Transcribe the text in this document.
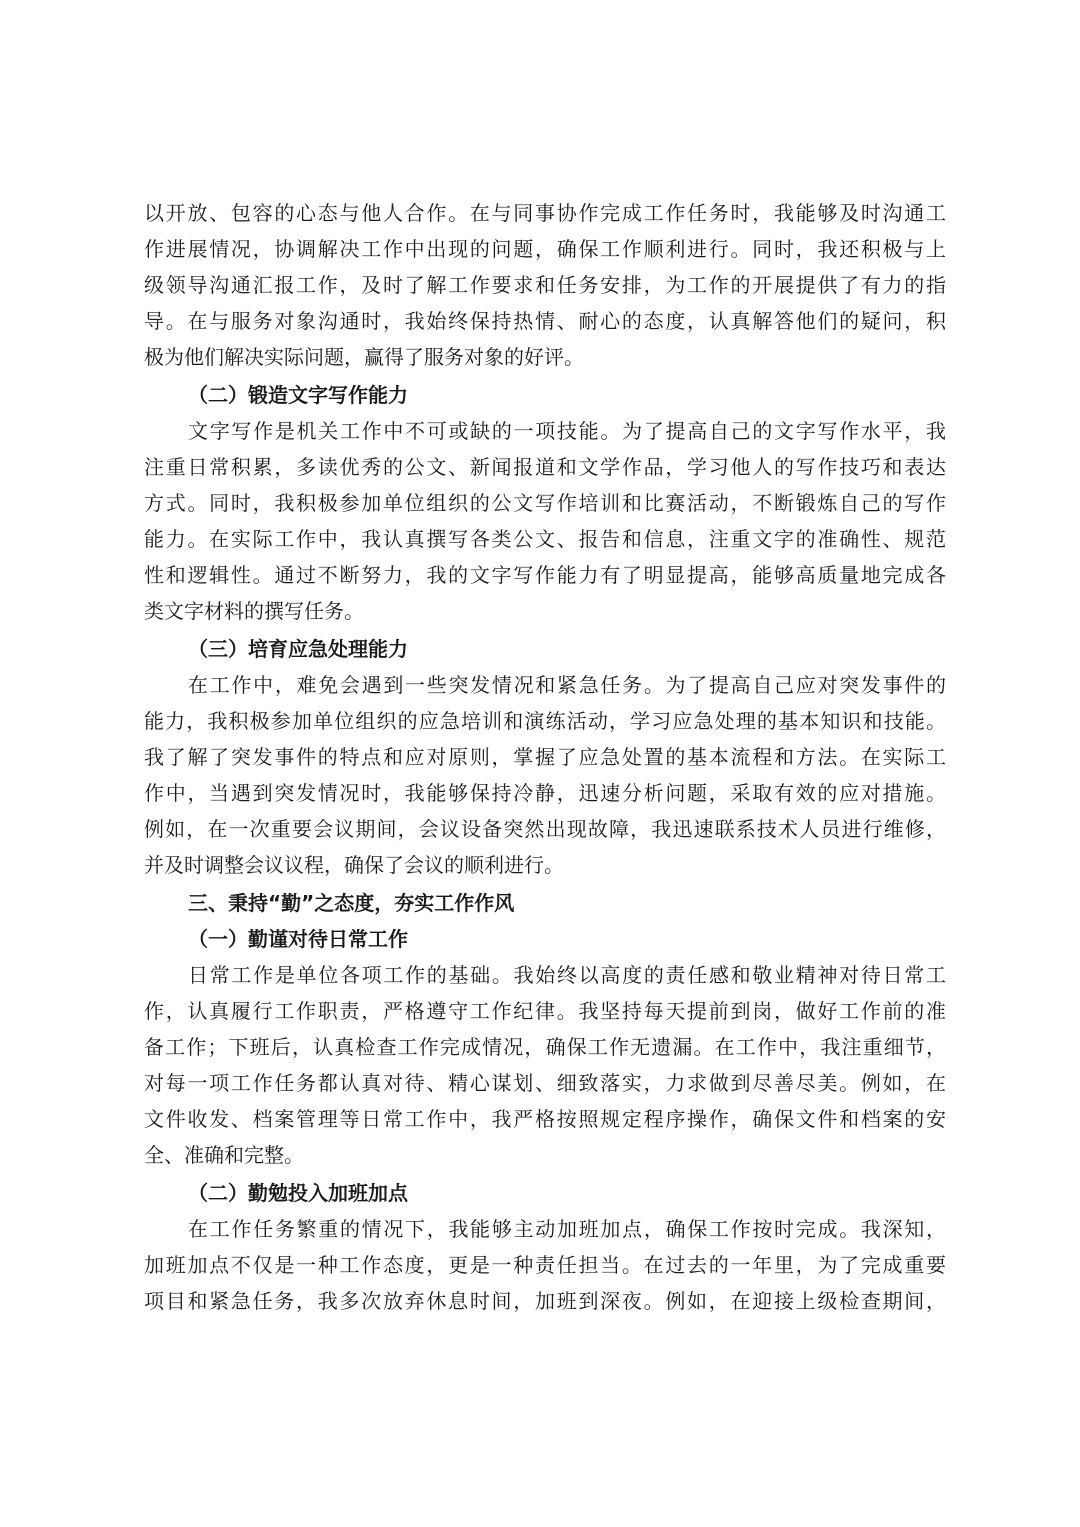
以开放、包容的心态与他人合作。在与同事协作完成工作任务时，我能够及时沟通工
作进展情况，协调解决工作中出现的问题，确保工作顺利进行。同时，我还积极与上
级领导沟通汇报工作，及时了解工作要求和任务安排，为工作的开展提供了有力的指
导。在与服务对象沟通时，我始终保持热情、耐心的态度，认真解答他们的疑问，积
极为他们解决实际问题，赢得了服务对象的好评。
（二）锻造文字写作能力
文字写作是机关工作中不可或缺的一项技能。为了提高自己的文字写作水平，我
注重日常积累，多读优秀的公文、新闻报道和文学作品，学习他人的写作技巧和表达
方式。同时，我积极参加单位组织的公文写作培训和比赛活动，不断锻炼自己的写作
能力。在实际工作中，我认真撰写各类公文、报告和信息，注重文字的准确性、规范
性和逻辑性。通过不断努力，我的文字写作能力有了明显提高，能够高质量地完成各
类文字材料的撰写任务。
（三）培育应急处理能力
在工作中，难免会遇到一些突发情况和紧急任务。为了提高自己应对突发事件的
能力，我积极参加单位组织的应急培训和演练活动，学习应急处理的基本知识和技能。
我了解了突发事件的特点和应对原则，掌握了应急处置的基本流程和方法。在实际工
作中，当遇到突发情况时，我能够保持冷静，迅速分析问题，采取有效的应对措施。
例如，在一次重要会议期间，会议设备突然出现故障，我迅速联系技术人员进行维修，
并及时调整会议议程，确保了会议的顺利进行。
三、秉持“勤”之态度，夯实工作作风
（一）勤谨对待日常工作
日常工作是单位各项工作的基础。我始终以高度的责任感和敬业精神对待日常工
作，认真履行工作职责，严格遵守工作纪律。我坚持每天提前到岗，做好工作前的准
备工作；下班后，认真检查工作完成情况，确保工作无遗漏。在工作中，我注重细节，
对每一项工作任务都认真对待、精心谋划、细致落实，力求做到尽善尽美。例如，在
文件收发、档案管理等日常工作中，我严格按照规定程序操作，确保文件和档案的安
全、准确和完整。
（二）勤勉投入加班加点
在工作任务繁重的情况下，我能够主动加班加点，确保工作按时完成。我深知，
加班加点不仅是一种工作态度，更是一种责任担当。在过去的一年里，为了完成重要
项目和紧急任务，我多次放弃休息时间，加班到深夜。例如，在迎接上级检查期间，
